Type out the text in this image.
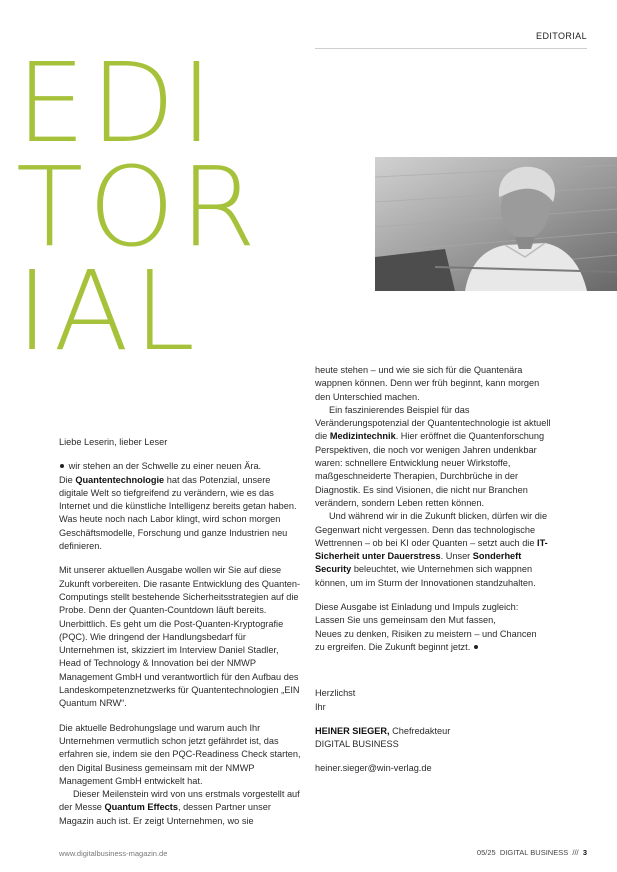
EDITORIAL
EDI
TOR
IAL

Liebe Leserin, lieber Leser

wir stehen an der Schwelle zu einer neuen Ära.
Die Quantentechnologie hat das Potenzial, unsere digitale Welt so tiefgreifend zu verändern, wie es das Internet und die künstliche Intelligenz bereits getan haben. Was heute noch nach Labor klingt, wird schon morgen Geschäftsmodelle, Forschung und ganze Industrien neu definieren.

Mit unserer aktuellen Ausgabe wollen wir Sie auf diese Zukunft vorbereiten. Die rasante Entwicklung des Quanten-Computings stellt bestehende Sicherheitsstrategien auf die Probe. Denn der Quanten-Countdown läuft bereits. Unerbittlich. Es geht um die Post-Quanten-Kryptografie (PQC). Wie dringend der Handlungsbedarf für Unternehmen ist, skizziert im Interview Daniel Stadler, Head of Technology & Innovation bei der NMWP Management GmbH und verantwortlich für den Aufbau des Landeskompetenznetzwerks für Quantentechnologien „EIN Quantum NRW“.

Die aktuelle Bedrohungslage und warum auch Ihr Unternehmen vermutlich schon jetzt gefährdet ist, das erfahren sie, indem sie den PQC-Readiness Check starten, den Digital Business gemeinsam mit der NMWP Management GmbH entwickelt hat.

Dieser Meilenstein wird von uns erstmals vorgestellt auf der Messe Quantum Effects, dessen Partner unser Magazin auch ist. Er zeigt Unternehmen, wo sie

heute stehen – und wie sie sich für die Quantenära wappnen können. Denn wer früh beginnt, kann morgen den Unterschied machen.

Ein faszinierendes Beispiel für das Veränderungspotenzial der Quantentechnologie ist aktuell die Medizintechnik. Hier eröffnet die Quantenforschung Perspektiven, die noch vor wenigen Jahren undenkbar waren: schnellere Entwicklung neuer Wirkstoffe, maßgeschneiderte Therapien, Durchbrüche in der Diagnostik. Es sind Visionen, die nicht nur Branchen verändern, sondern Leben retten können.

Und während wir in die Zukunft blicken, dürfen wir die Gegenwart nicht vergessen. Denn das technologische Wettrennen – ob bei KI oder Quanten – setzt auch die IT-Sicherheit unter Dauerstress. Unser Sonderheft Security beleuchtet, wie Unternehmen sich wappnen können, um im Sturm der Innovationen standzuhalten.

Diese Ausgabe ist Einladung und Impuls zugleich:
Lassen Sie uns gemeinsam den Mut fassen,
Neues zu denken, Risiken zu meistern – und Chancen
zu ergreifen. Die Zukunft beginnt jetzt.

Herzlichst

Ihr

HEINER SIEGER, Chefredakteur

DIGITAL BUSINESS

heiner.sieger@win-verlag.de

www.digitalbusiness-magazin.de	05/25 DIGITAL BUSINESS /// 3
